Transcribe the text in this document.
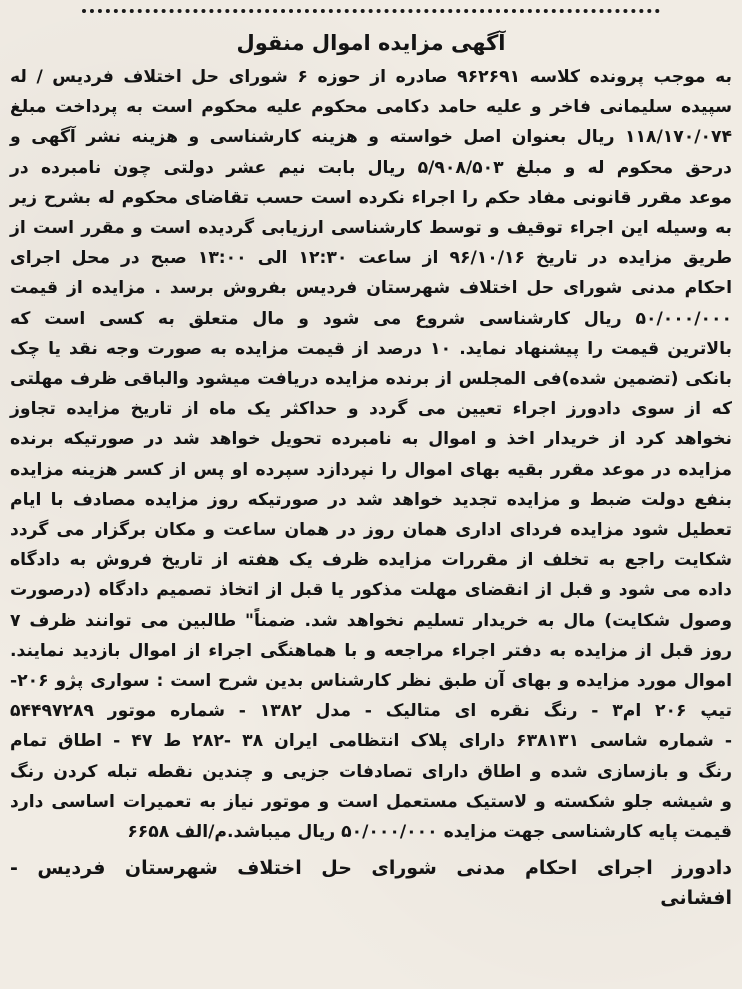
آگهی مزایده اموال منقول
به موجب پرونده کلاسه ۹۶۲۶۹۱ صادره از حوزه ۶ شورای حل اختلاف فردیس / له
سپیده سلیمانی فاخر و علیه حامد دکامی محکوم علیه محکوم است به پرداخت مبلغ
۱۱۸/۱۷۰/۰۷۴ ریال بعنوان اصل خواسته و هزینه کارشناسی و هزینه نشر آگهی و
درحق محکوم له و مبلغ ۵/۹۰۸/۵۰۳ ریال بابت نیم عشر دولتی چون نامبرده در
موعد مقرر قانونی مفاد حکم را اجراء نکرده است حسب تقاضای محکوم له بشرح زیر
به وسیله این اجراء توقیف و توسط کارشناسی ارزیابی گردیده است و مقرر است از
طریق مزایده در تاریخ ۹۶/۱۰/۱۶ از ساعت ۱۲:۳۰ الی ۱۳:۰۰ صبح در محل اجرای
احکام مدنی شورای حل اختلاف شهرستان فردیس بفروش برسد . مزایده از قیمت
۵۰/۰۰۰/۰۰۰ ریال کارشناسی شروع می شود و مال متعلق به کسی است که
بالاترین قیمت را پیشنهاد نماید. ۱۰ درصد از قیمت مزایده به صورت وجه نقد یا چک
بانکی (تضمین شده)فی المجلس از برنده مزایده دریافت میشود والباقی ظرف مهلتی
که از سوی دادورز اجراء تعیین می گردد و حداکثر یک ماه از تاریخ مزایده تجاوز
نخواهد کرد از خریدار اخذ و اموال به نامبرده تحویل خواهد شد در صورتیکه برنده
مزایده در موعد مقرر بقیه بهای اموال را نپردازد سپرده او پس از کسر هزینه مزایده
بنفع دولت ضبط و مزایده تجدید خواهد شد در صورتیکه روز مزایده مصادف با ایام
تعطیل شود مزایده فردای اداری همان روز در همان ساعت و مکان برگزار می گردد
شکایت راجع به تخلف از مقررات مزایده ظرف یک هفته از تاریخ فروش به دادگاه
داده می شود و قبل از انقضای مهلت مذکور یا قبل از اتخاذ تصمیم دادگاه (درصورت
وصول شکایت) مال به خریدار تسلیم نخواهد شد. ضمناً" طالبین می توانند ظرف ۷
روز قبل از مزایده به دفتر اجراء مراجعه و با هماهنگی اجراء از اموال بازدید نمایند.
اموال مورد مزایده و بهای آن طبق نظر کارشناس بدین شرح است : سواری پژو ۲۰۶-
تیپ ۲۰۶ ام۳ - رنگ نقره ای متالیک - مدل ۱۳۸۲ - شماره موتور ۵۴۴۹۷۲۸۹
- شماره شاسی ۶۳۸۱۳۱ دارای پلاک انتظامی ایران ۳۸ -۲۸۲ ط ۴۷ - اطاق تمام
رنگ و بازسازی شده و اطاق دارای تصادفات جزیی و چندین نقطه تبله کردن رنگ
و شیشه جلو شکسته و لاستیک مستعمل است و موتور نیاز به تعمیرات اساسی دارد
قیمت پایه کارشناسی جهت مزایده ۵۰/۰۰۰/۰۰۰ ریال میباشد.م/الف ۶۶۵۸
دادورز اجرای احکام مدنی شورای حل اختلاف شهرستان فردیس -
افشانی
